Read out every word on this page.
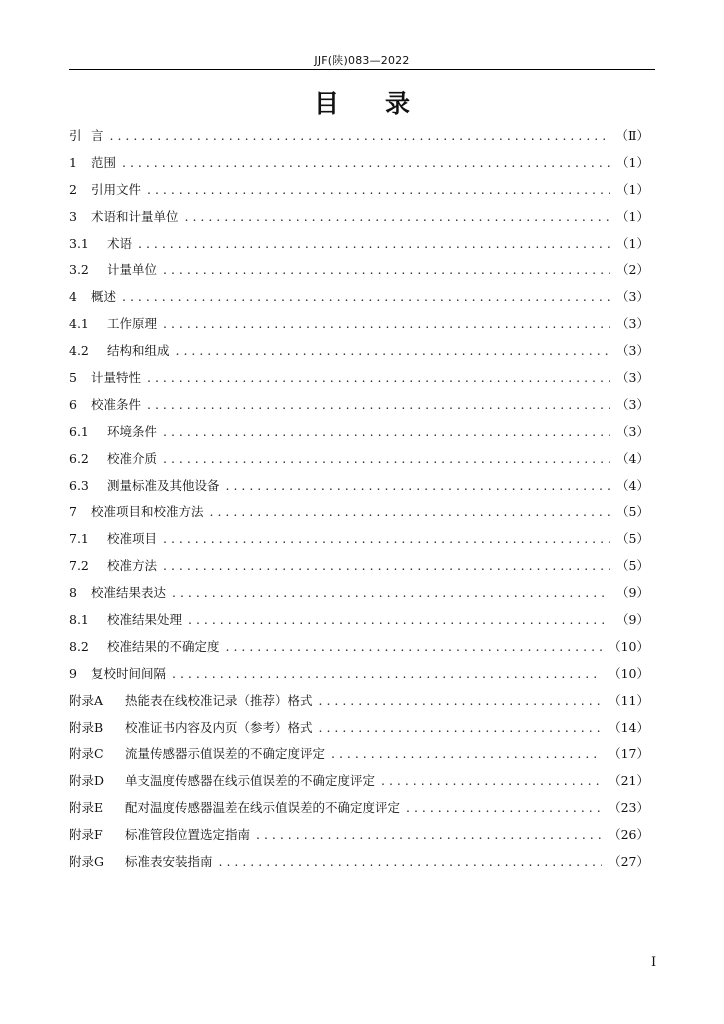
JJF(陕)083—2022
目录
引 言 . . .	（Ⅱ）
1	范围 . . .	（1）
2	引用文件 . . .	（1）
3	术语和计量单位 . . .	（1）
3.1	术语 . . .	（1）
3.2	计量单位 . . .	（2）
4	概述 . . .	（3）
4.1	工作原理 . . .	（3）
4.2	结构和组成 . . .	（3）
5	计量特性 . . .	（3）
6	校准条件 . . .	（3）
6.1	环境条件 . . .	（3）
6.2	校准介质 . . .	（4）
6.3	测量标准及其他设备 . . .	（4）
7	校准项目和校准方法 . . .	（5）
7.1	校准项目 . . .	（5）
7.2	校准方法 . . .	（5）
8	校准结果表达 . . .	（9）
8.1	校准结果处理 . . .	（9）
8.2	校准结果的不确定度 . . .	（10）
9	复校时间间隔 . . .	（10）
附录A	热能表在线校准记录（推荐）格式 . . .	（11）
附录B	校准证书内容及内页（参考）格式 . . .	（14）
附录C	流量传感器示值误差的不确定度评定 . . .	（17）
附录D	单支温度传感器在线示值误差的不确定度评定 . . .	（21）
附录E	配对温度传感器温差在线示值误差的不确定度评定 . . .	（23）
附录F	标准管段位置选定指南 . . .	（26）
附录G	标准表安装指南 . . .	（27）
I
